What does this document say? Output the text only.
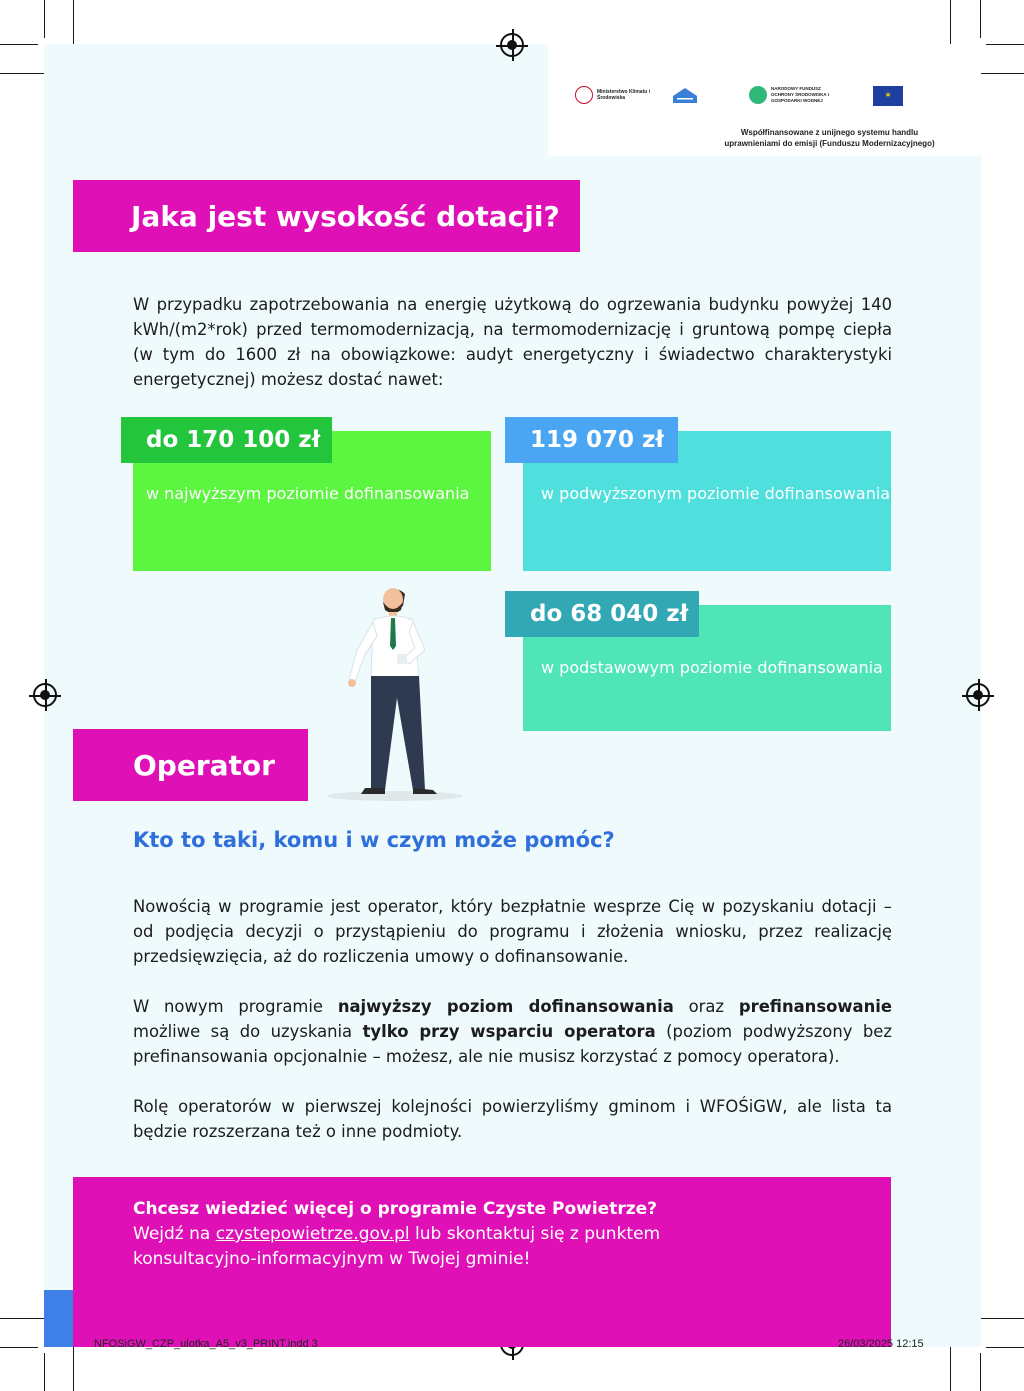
Ministerstwo Klimatu i Środowiska
NARODOWY FUNDUSZ OCHRONY ŚRODOWISKA I GOSPODARKI WODNEJ	✶
Współfinansowane z unijnego systemu handlu uprawnieniami do emisji (Funduszu Modernizacyjnego)
Jaka jest wysokość dotacji?
W przypadku zapotrzebowania na energię użytkową do ogrzewania budynku powyżej 140 kWh/(m2*rok) przed termomodernizacją, na termomodernizację i gruntową pompę ciepła (w tym do 1600 zł na obowiązkowe: audyt energetyczny i świadectwo charakterystyki energetycznej) możesz dostać nawet:
w najwyższym poziomie dofinansowania
do 170 100 zł
w podwyższonym poziomie dofinansowania
119 070 zł
w podstawowym poziomie dofinansowania
do 68 040 zł
Operator
Kto to taki, komu i w czym może pomóc?
Nowością w programie jest operator, który bezpłatnie wesprze Cię w pozyskaniu dotacji – od podjęcia decyzji o przystąpieniu do programu i złożenia wniosku, przez realizację przedsięwzięcia, aż do rozliczenia umowy o dofinansowanie.
W nowym programie najwyższy poziom dofinansowania oraz prefinansowanie możliwe są do uzyskania tylko przy wsparciu operatora (poziom podwyższony bez prefinansowania opcjonalnie – możesz, ale nie musisz korzystać z pomocy operatora).
Rolę operatorów w pierwszej kolejności powierzyliśmy gminom i WFOŚiGW, ale lista ta będzie rozszerzana też o inne podmioty.
Chcesz wiedzieć więcej o programie Czyste Powietrze?
Wejdź na czystepowietrze.gov.pl lub skontaktuj się z punktem konsultacyjno-informacyjnym w Twojej gminie!
NFOSiGW_CZP_ulotka_A5_v3_PRINT.indd 3	26/03/2025 12:15
